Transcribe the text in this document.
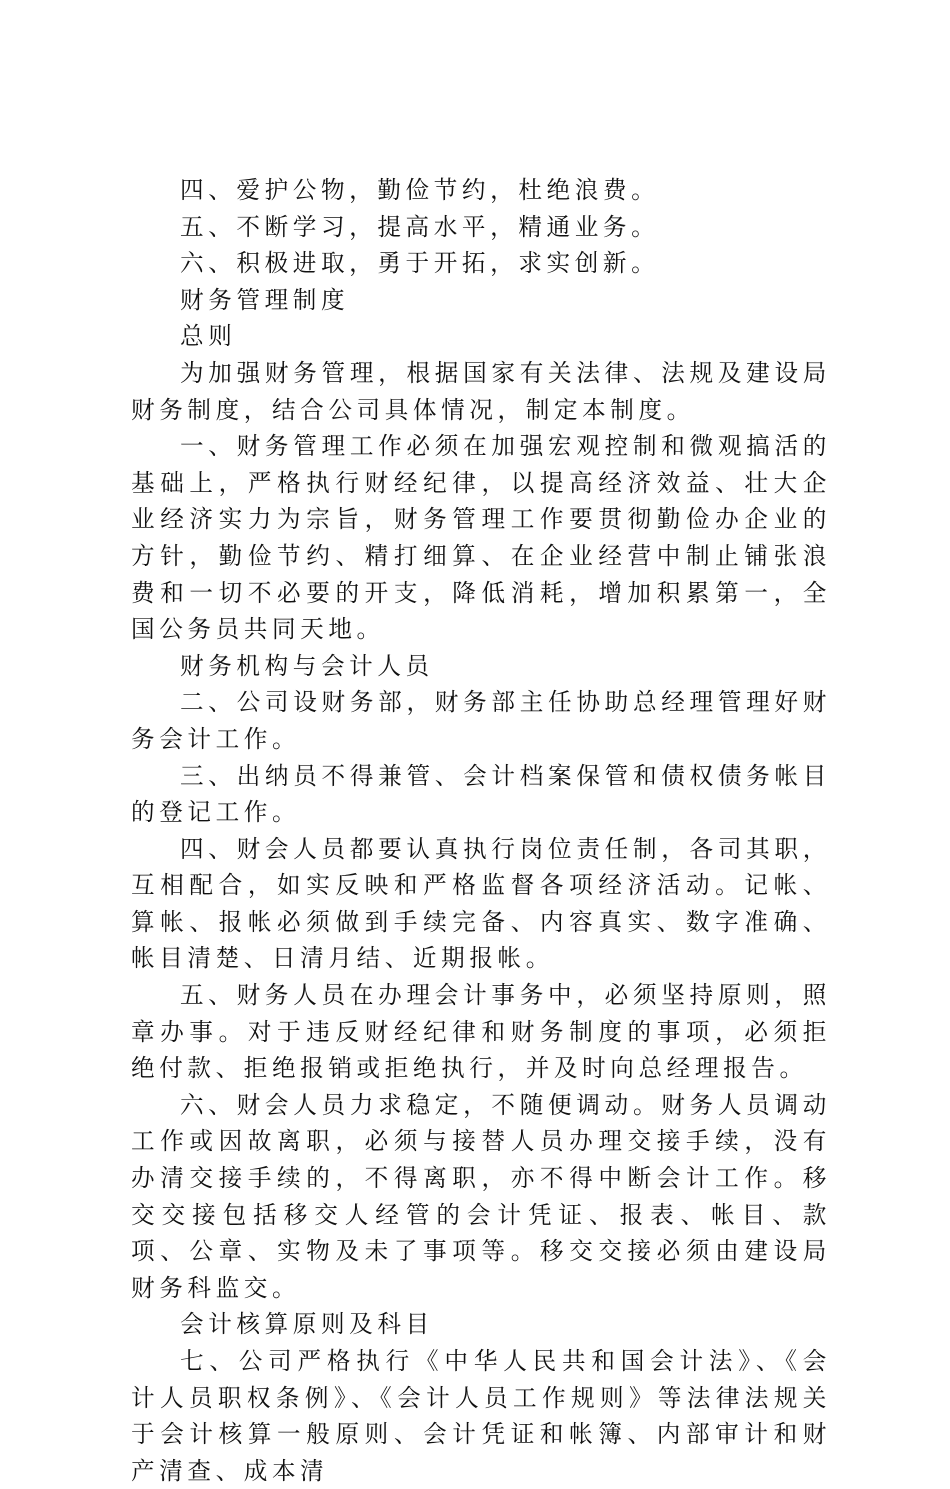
四、爱护公物，勤俭节约，杜绝浪费。

五、不断学习，提高水平，精通业务。

六、积极进取，勇于开拓，求实创新。

财务管理制度

总则

为加强财务管理，根据国家有关法律、法规及建设局财务制度，结合公司具体情况，制定本制度。

一、财务管理工作必须在加强宏观控制和微观搞活的基础上，严格执行财经纪律，以提高经济效益、壮大企业经济实力为宗旨，财务管理工作要贯彻勤俭办企业的方针，勤俭节约、精打细算、在企业经营中制止铺张浪费和一切不必要的开支，降低消耗，增加积累第一，全国公务员共同天地。

财务机构与会计人员

二、公司设财务部，财务部主任协助总经理管理好财务会计工作。

三、出纳员不得兼管、会计档案保管和债权债务帐目的登记工作。

四、财会人员都要认真执行岗位责任制，各司其职，互相配合，如实反映和严格监督各项经济活动。记帐、算帐、报帐必须做到手续完备、内容真实、数字准确、帐目清楚、日清月结、近期报帐。

五、财务人员在办理会计事务中，必须坚持原则，照章办事。对于违反财经纪律和财务制度的事项，必须拒绝付款、拒绝报销或拒绝执行，并及时向总经理报告。

六、财会人员力求稳定，不随便调动。财务人员调动工作或因故离职，必须与接替人员办理交接手续，没有办清交接手续的，不得离职，亦不得中断会计工作。移交交接包括移交人经管的会计凭证、报表、帐目、款项、公章、实物及未了事项等。移交交接必须由建设局财务科监交。

会计核算原则及科目

七、公司严格执行《中华人民共和国会计法》、《会计人员职权条例》、《会计人员工作规则》等法律法规关于会计核算一般原则、会计凭证和帐簿、内部审计和财产清查、成本清
